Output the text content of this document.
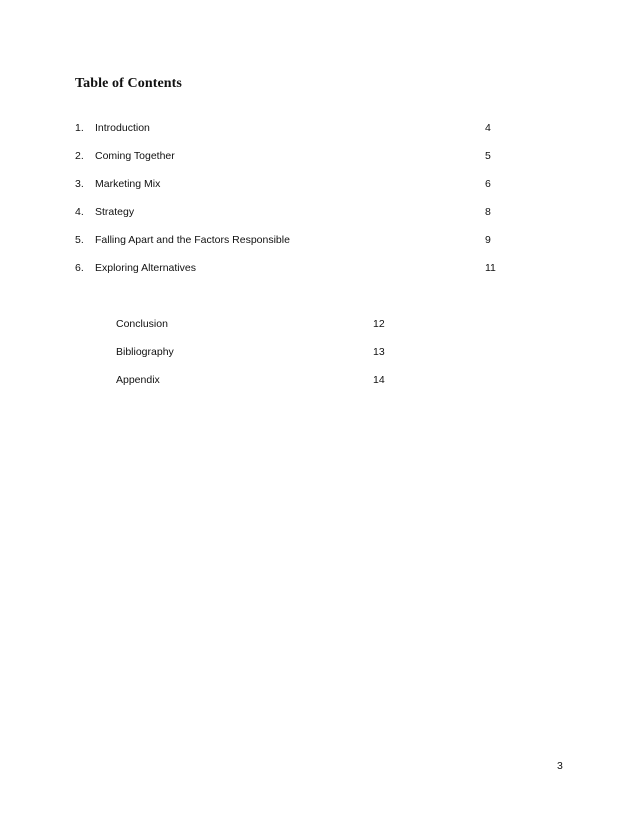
Table of Contents
1. Introduction	4
2. Coming Together	5
3. Marketing Mix	6
4. Strategy	8
5. Falling Apart and the Factors Responsible	9
6. Exploring Alternatives	11
Conclusion	12
Bibliography	13
Appendix	14
3
